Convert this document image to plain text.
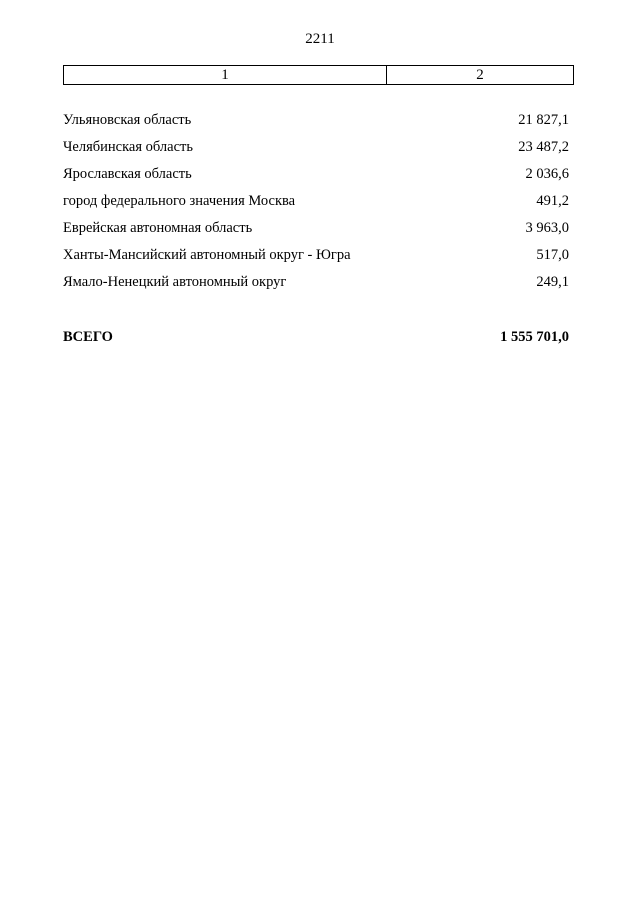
2211
1	2
Ульяновская область	21 827,1
Челябинская область	23 487,2
Ярославская область	2 036,6
город федерального значения Москва	491,2
Еврейская автономная область	3 963,0
Ханты-Мансийский автономный округ - Югра	517,0
Ямало-Ненецкий автономный округ	249,1
ВСЕГО	1 555 701,0
